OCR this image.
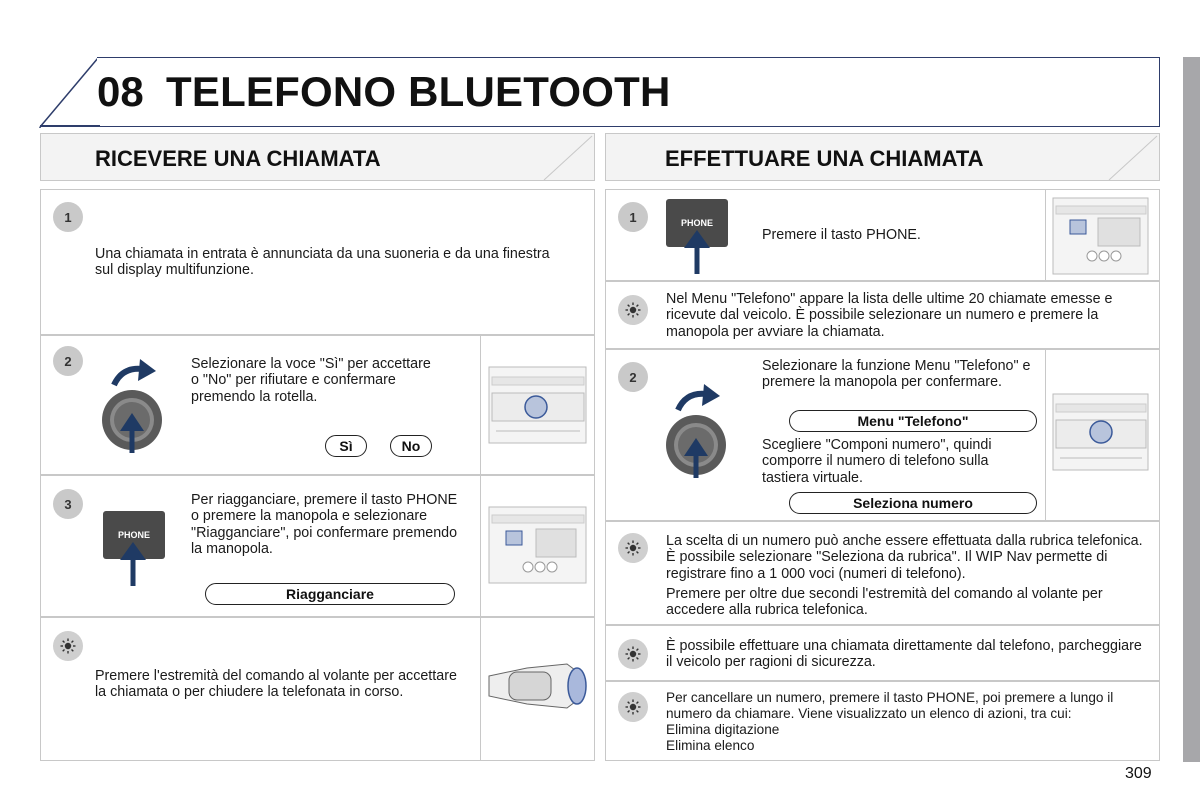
08 TELEFONO BLUETOOTH
RICEVERE UNA CHIAMATA
1
Una chiamata in entrata è annunciata da una suoneria e da una finestra sul display multifunzione.
2	Selezionare la voce "Sì" per accettare o "No" per rifiutare e confermare premendo la rotella.
Sì	No
3
PHONE
Per riagganciare, premere il tasto PHONE o premere la manopola e selezionare "Riagganciare", poi confermare premendo la manopola.
Riagganciare
Premere l'estremità del comando al volante per accettare la chiamata o per chiudere la telefonata in corso.
EFFETTUARE UNA CHIAMATA
1	PHONE
Premere il tasto PHONE.
Nel Menu "Telefono" appare la lista delle ultime 20 chiamate emesse e ricevute dal veicolo. È possibile selezionare un numero e premere la manopola per avviare la chiamata.
2
Selezionare la funzione Menu "Telefono" e premere la manopola per confermare.
Menu "Telefono"
Scegliere "Componi numero", quindi comporre il numero di telefono sulla tastiera virtuale.
Seleziona numero
La scelta di un numero può anche essere effettuata dalla rubrica telefonica. È possibile selezionare "Seleziona da rubrica". Il WIP Nav permette di registrare fino a 1 000 voci (numeri di telefono).
Premere per oltre due secondi l'estremità del comando al volante per accedere alla rubrica telefonica.
È possibile effettuare una chiamata direttamente dal telefono, parcheggiare il veicolo per ragioni di sicurezza.
Per cancellare un numero, premere il tasto PHONE, poi premere a lungo il numero da chiamare. Viene visualizzato un elenco di azioni, tra cui:
Elimina digitazione
Elimina elenco
309
